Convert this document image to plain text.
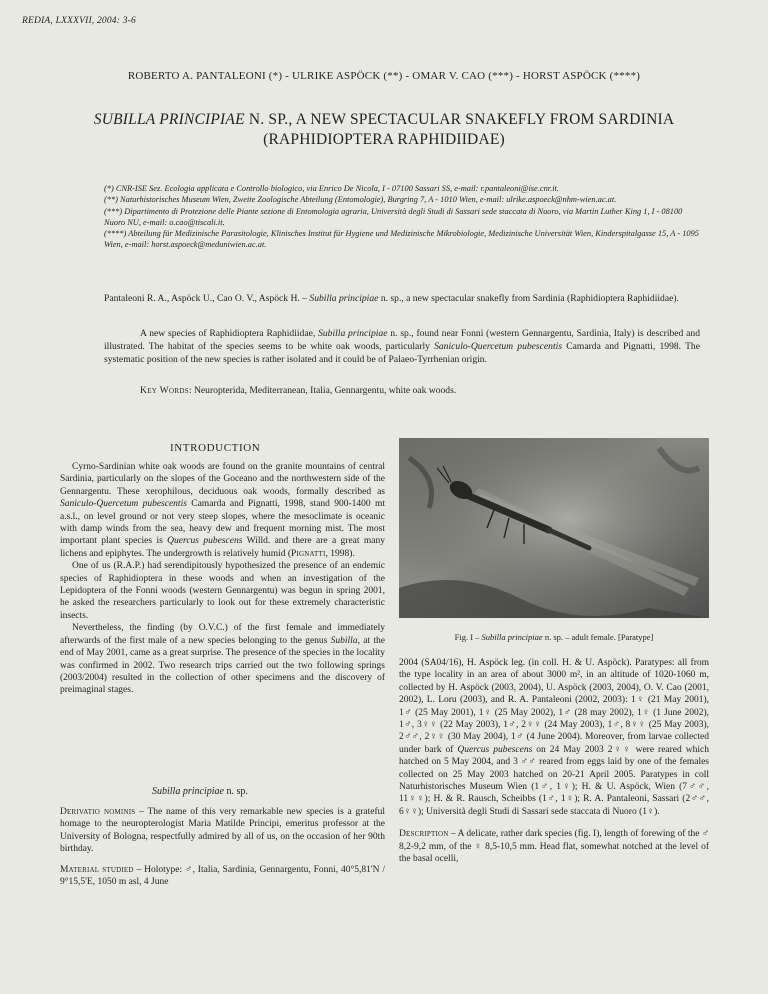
REDIA, LXXXVII, 2004: 3-6
ROBERTO A. PANTALEONI (*) - ULRIKE ASPÖCK (**) - OMAR V. CAO (***) - HORST ASPÖCK (****)
SUBILLA PRINCIPIAE N. SP., A NEW SPECTACULAR SNAKEFLY FROM SARDINIA
(RAPHIDIOPTERA RAPHIDIIDAE)

(*) CNR-ISE Sez. Ecologia applicata e Controllo biologico, via Enrico De Nicola, I - 07100 Sassari SS, e-mail: r.pantaleoni@ise.cnr.it.

(**) Naturhistorisches Museum Wien, Zweite Zoologische Abteilung (Entomologie), Burgring 7, A - 1010 Wien, e-mail: ulrike.aspoeck@nhm-wien.ac.at.

(***) Dipartimento di Protezione delle Piante sezione di Entomologia agraria, Università degli Studi di Sassari sede staccata di Nuoro, via Martin Luther King 1, I - 08100 Nuoro NU, e-mail: o.cao@tiscali.it.

(****) Abteilung für Medizinische Parasitologie, Klinisches Institut für Hygiene und Medizinische Mikrobiologie, Medizinische Universität Wien, Kinderspitalgasse 15, A - 1095 Wien, e-mail: horst.aspoeck@meduniwien.ac.at.

Pantaleoni R. A., Aspöck U., Cao O. V., Aspöck H. – Subilla principiae n. sp., a new spectacular snakefly from Sardinia (Raphidioptera Raphidiidae).
A new species of Raphidioptera Raphidiidae, Subilla principiae n. sp., found near Fonni (western Gennargentu, Sardinia, Italy) is described and illustrated. The habitat of the species seems to be white oak woods, particularly Saniculo-Quercetum pubescentis Camarda and Pignatti, 1998. The systematic position of the new species is rather isolated and it could be of Palaeo-Tyrrhenian origin.
Key Words: Neuropterida, Mediterranean, Italia, Gennargentu, white oak woods.
INTRODUCTION

Cyrno-Sardinian white oak woods are found on the granite mountains of central Sardinia, particularly on the slopes of the Goceano and the northwestern side of the Gennargentu. These xerophilous, deciduous oak woods, formally described as Saniculo-Quercetum pubescentis Camarda and Pignatti, 1998, stand 900-1400 mt a.s.l., on level ground or not very steep slopes, where the mesoclimate is oceanic with damp winds from the sea, heavy dew and frequent morning mist. The most important plant species is Quercus pubescens Willd. and there are a great many lichens and epiphytes. The undergrowth is relatively humid (Pignatti, 1998).

One of us (R.A.P.) had serendipitously hypothesized the presence of an endemic species of Raphidioptera in these woods and when an investigation of the Lepidoptera of the Fonni woods (western Gennargentu) was begun in spring 2001, he asked the researchers particularly to look out for these extremely characteristic insects.

Nevertheless, the finding (by O.V.C.) of the first female and immediately afterwards of the first male of a new species belonging to the genus Subilla, at the end of May 2001, came as a great surprise. The presence of the species in the locality was confirmed in 2002. Two research trips carried out the two following springs (2003/2004) resulted in the collection of other specimens and the discovery of preimaginal stages.

Subilla principiae n. sp.

Derivatio nominis – The name of this very remarkable new species is a grateful homage to the neuropterologist Maria Matilde Principi, emeritus professor at the University of Bologna, respectfully admired by all of us, on the occasion of her 90th birthday.

Material studied – Holotype: ♂, Italia, Sardinia, Gennargentu, Fonni, 40°5,81'N / 9°15,5'E, 1050 m asl, 4 June

Fig. I – Subilla principiae n. sp. – adult female. [Paratype]

2004 (SA04/16), H. Aspöck leg. (in coll. H. & U. Aspöck). Paratypes: all from the type locality in an area of about 3000 m², in an altitude of 1020-1060 m, collected by H. Aspöck (2003, 2004), U. Aspöck (2003, 2004), O. V. Cao (2001, 2002), L. Loru (2003), and R. A. Pantaleoni (2002, 2003): 1♀ (21 May 2001), 1♂ (25 May 2001), 1♀ (25 May 2002), 1♂ (28 may 2002), 1♀ (1 June 2002), 1♂, 3♀♀ (22 May 2003), 1♂, 2♀♀ (24 May 2003), 1♂, 8♀♀ (25 May 2003), 2♂♂, 2♀♀ (30 May 2004), 1♂ (4 June 2004). Moreover, from larvae collected under bark of Quercus pubescens on 24 May 2003 2♀♀ were reared which hatched on 5 May 2004, and 3 ♂♂ reared from eggs laid by one of the females collected on 25 May 2003 hatched on 20-21 April 2005. Paratypes in coll Naturhistorisches Museum Wien (1♂, 1♀); H. & U. Aspöck, Wien (7♂♂, 11♀♀); H. & R. Rausch, Scheibbs (1♂, 1♀); R. A. Pantaleoni, Sassari (2♂♂, 6♀♀); Università degli Studi di Sassari sede staccata di Nuoro (1♀).

Description – A delicate, rather dark species (fig. I), length of forewing of the ♂ 8,2-9,2 mm, of the ♀ 8,5-10,5 mm. Head flat, somewhat notched at the level of the basal ocelli,
